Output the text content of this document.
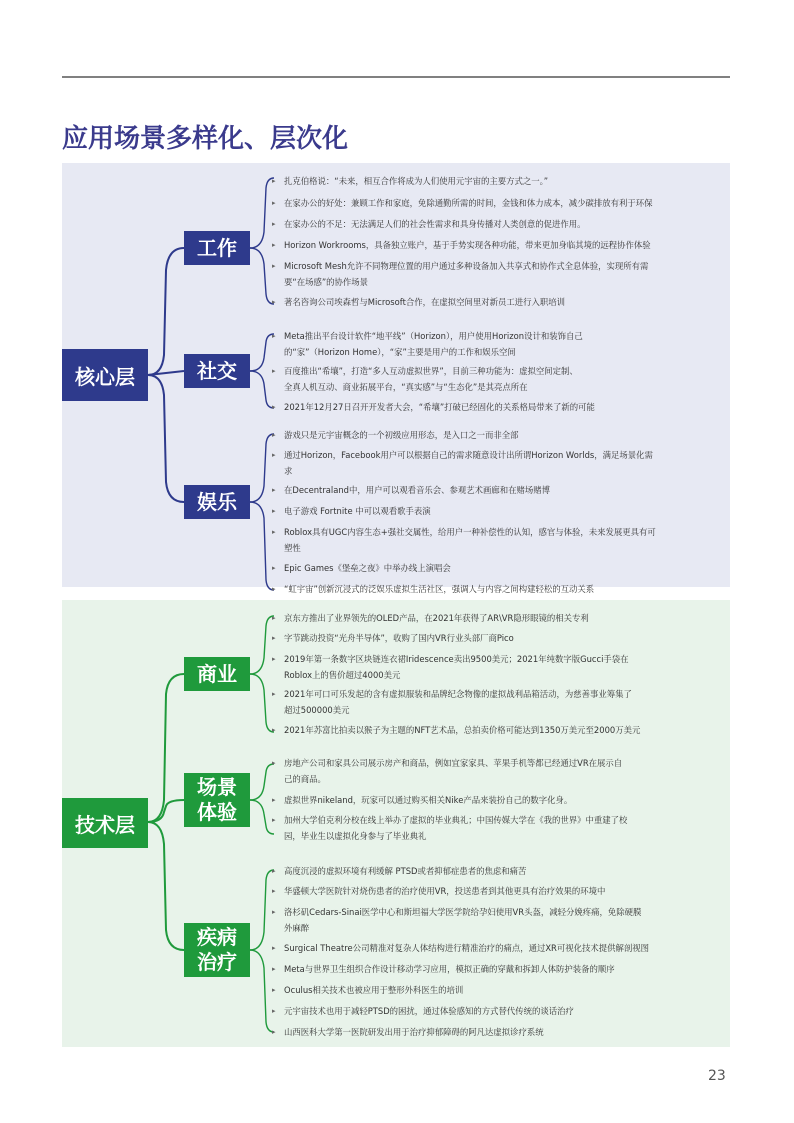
应用场景多样化、层次化
核心层
工作
社交
娱乐
▸ 扎克伯格说：“未来，相互合作将成为人们使用元宇宙的主要方式之一。”
▸ 在家办公的好处：兼顾工作和家庭，免除通勤所需的时间，金钱和体力成本，减少碳排放有利于环保
▸ 在家办公的不足：无法满足人们的社会性需求和具身传播对人类创意的促进作用。
▸ Horizon Workrooms，具备独立账户，基于手势实现各种功能，带来更加身临其境的远程协作体验
▸ Microsoft Mesh允许不同物理位置的用户通过多种设备加入共享式和协作式全息体验，实现所有需
要“在场感”的协作场景
▸ 著名咨询公司埃森哲与Microsoft合作，在虚拟空间里对新员工进行入职培训
▸ Meta推出平台设计软件“地平线”（Horizon），用户使用Horizon设计和装饰自己
的“家”（Horizon Home），“家”主要是用户的工作和娱乐空间
▸ 百度推出“希壤”，打造“多人互动虚拟世界”，目前三种功能为：虚拟空间定制、
全真人机互动、商业拓展平台，“真实感”与“生态化”是其亮点所在
▸ 2021年12月27日召开开发者大会，“希壤”打破已经固化的关系格局带来了新的可能
▸ 游戏只是元宇宙概念的一个初级应用形态，是入口之一而非全部
▸ 通过Horizon，Facebook用户可以根据自己的需求随意设计出所谓Horizon Worlds，满足场景化需
求
▸ 在Decentraland中，用户可以观看音乐会、参观艺术画廊和在赌场赌博
▸ 电子游戏 Fortnite 中可以观看歌手表演
▸ Roblox具有UGC内容生态+强社交属性，给用户一种补偿性的认知，感官与体验，未来发展更具有可
塑性
▸ Epic Games《堡垒之夜》中举办线上演唱会
▸ “虹宇宙”创新沉浸式的泛娱乐虚拟生活社区，强调人与内容之间构建轻松的互动关系
技术层
商业
场景
体验
疾病
治疗
▸ 京东方推出了业界领先的OLED产品，在2021年获得了AR\VR隐形眼镜的相关专利
▸ 字节跳动投资“光舟半导体”，收购了国内VR行业头部厂商Pico
▸ 2019年第一条数字区块链连衣裙Iridescence卖出9500美元；2021年纯数字版Gucci手袋在
Roblox上的售价超过4000美元
▸ 2021年可口可乐发起的含有虚拟服装和品牌纪念物像的虚拟战利品箱活动，为慈善事业筹集了
超过500000美元
▸ 2021年苏富比拍卖以猴子为主题的NFT艺术品，总拍卖价格可能达到1350万美元至2000万美元
▸ 房地产公司和家具公司展示房产和商品，例如宜家家具、苹果手机等都已经通过VR在展示自
己的商品。
▸ 虚拟世界nikeland，玩家可以通过购买相关Nike产品来装扮自己的数字化身。
▸ 加州大学伯克利分校在线上举办了虚拟的毕业典礼；中国传媒大学在《我的世界》中重建了校
园，毕业生以虚拟化身参与了毕业典礼
▸ 高度沉浸的虚拟环境有利缓解 PTSD或者抑郁症患者的焦虑和痛苦
▸ 华盛顿大学医院针对烧伤患者的治疗使用VR，投送患者到其他更具有治疗效果的环境中
▸ 洛杉矶Cedars-Sinai医学中心和斯坦福大学医学院给孕妇使用VR头盔，减轻分娩疼痛，免除硬膜
外麻醉
▸ Surgical Theatre公司精准对复杂人体结构进行精准治疗的痛点，通过XR可视化技术提供解剖视图
▸ Meta与世界卫生组织合作设计移动学习应用，模拟正确的穿戴和拆卸人体防护装备的顺序
▸ Oculus相关技术也被应用于整形外科医生的培训
▸ 元宇宙技术也用于减轻PTSD的困扰，通过体验感知的方式替代传统的谈话治疗
▸ 山西医科大学第一医院研发出用于治疗抑郁障碍的阿凡达虚拟诊疗系统
23
